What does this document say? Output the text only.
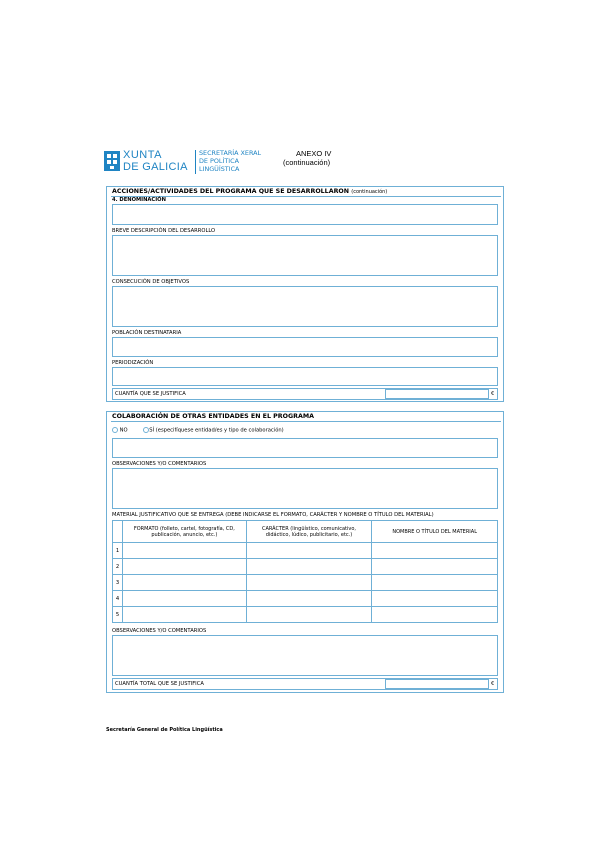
XUNTA
DE GALICIA
SECRETARÍA XERAL
DE POLÍTICA
LINGÜÍSTICA
ANEXO IV
(continuación)
ACCIONES/ACTIVIDADES DEL PROGRAMA QUE SE DESARROLLARON (continuación)
4. DENOMINACIÓN
BREVE DESCRIPCIÓN DEL DESARROLLO
CONSECUCIÓN DE OBJETIVOS
POBLACIÓN DESTINATARIA
PERIODIZACIÓN
CUANTÍA QUE SE JUSTIFICA	€
COLABORACIÓN DE OTRAS ENTIDADES EN EL PROGRAMA
NO	SÍ (especifíquese entidad/es y tipo de colaboración)
OBSERVACIONES Y/O COMENTARIOS
MATERIAL JUSTIFICATIVO QUE SE ENTREGA (DEBE INDICARSE EL FORMATO, CARÁCTER Y NOMBRE O TÍTULO DEL MATERIAL)
	FORMATO (folleto, cartel, fotografía, CD, publicación, anuncio, etc.)	CARÁCTER (lingüístico, comunicativo, didáctico, lúdico, publicitario, etc.)	NOMBRE O TÍTULO DEL MATERIAL
1			
2			
3			
4			
5			
OBSERVACIONES Y/O COMENTARIOS
CUANTÍA TOTAL QUE SE JUSTIFICA	€
Secretaría General de Política Lingüística
